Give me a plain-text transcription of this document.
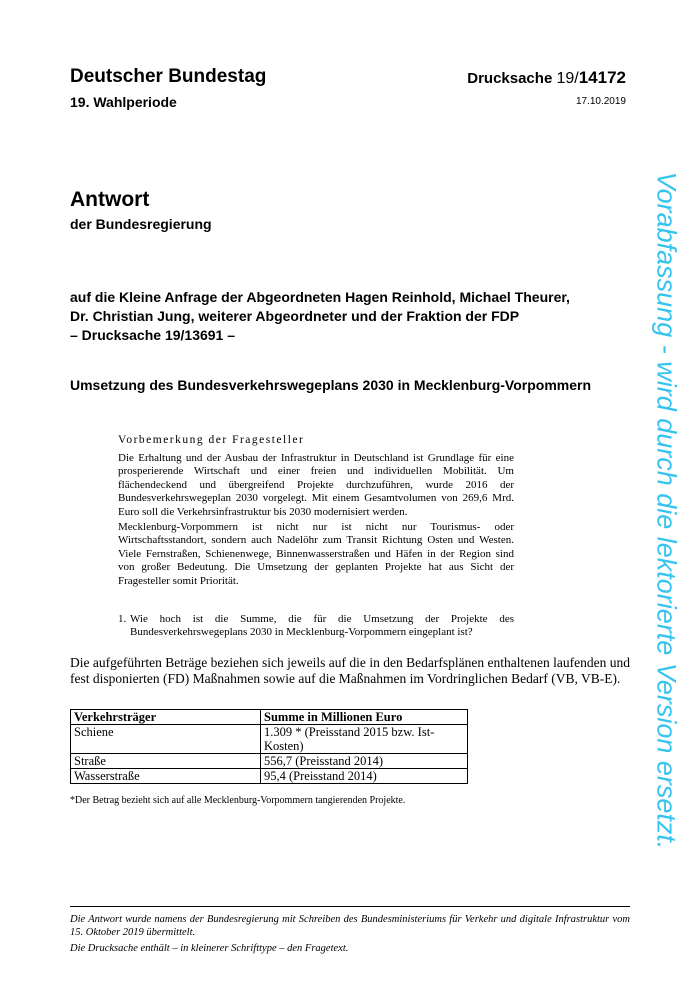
Deutscher Bundestag
19. Wahlperiode
Drucksache 19/14172
17.10.2019
Antwort
der Bundesregierung
auf die Kleine Anfrage der Abgeordneten Hagen Reinhold, Michael Theurer,
Dr. Christian Jung, weiterer Abgeordneter und der Fraktion der FDP
– Drucksache 19/13691 –
Umsetzung des Bundesverkehrswegeplans 2030 in Mecklenburg-Vorpommern
Vorbemerkung der Fragesteller
Die Erhaltung und der Ausbau der Infrastruktur in Deutschland ist Grundlage für eine prosperierende Wirtschaft und einer freien und individuellen Mobilität. Um flächendeckend und übergreifend Projekte durchzuführen, wurde 2016 der Bundesverkehrswegeplan 2030 vorgelegt. Mit einem Gesamtvolumen von 269,6 Mrd. Euro soll die Verkehrsinfrastruktur bis 2030 modernisiert werden.
Mecklenburg-Vorpommern ist nicht nur ist nicht nur Tourismus- oder Wirtschaftsstandort, sondern auch Nadelöhr zum Transit Richtung Osten und Westen. Viele Fernstraßen, Schienenwege, Binnenwasserstraßen und Häfen in der Region sind von großer Bedeutung. Die Umsetzung der geplanten Projekte hat aus Sicht der Fragesteller somit Priorität.
1. Wie hoch ist die Summe, die für die Umsetzung der Projekte des Bundesverkehrswegeplans 2030 in Mecklenburg-Vorpommern eingeplant ist?
Die aufgeführten Beträge beziehen sich jeweils auf die in den Bedarfsplänen enthaltenen laufenden und fest disponierten (FD) Maßnahmen sowie auf die Maßnahmen im Vordringlichen Bedarf (VB, VB-E).
Verkehrsträger	Summe in Millionen Euro
Schiene	1.309 * (Preisstand 2015 bzw. Ist-Kosten)
Straße	556,7 (Preisstand 2014)
Wasserstraße	95,4 (Preisstand 2014)
*Der Betrag bezieht sich auf alle Mecklenburg-Vorpommern tangierenden Projekte.

Die Antwort wurde namens der Bundesregierung mit Schreiben des Bundesministeriums für Verkehr und digitale Infrastruktur vom 15. Oktober 2019 übermittelt.

Die Drucksache enthält – in kleinerer Schrifttype – den Fragetext.

Vorabfassung - wird durch die lektorierte Version ersetzt.
